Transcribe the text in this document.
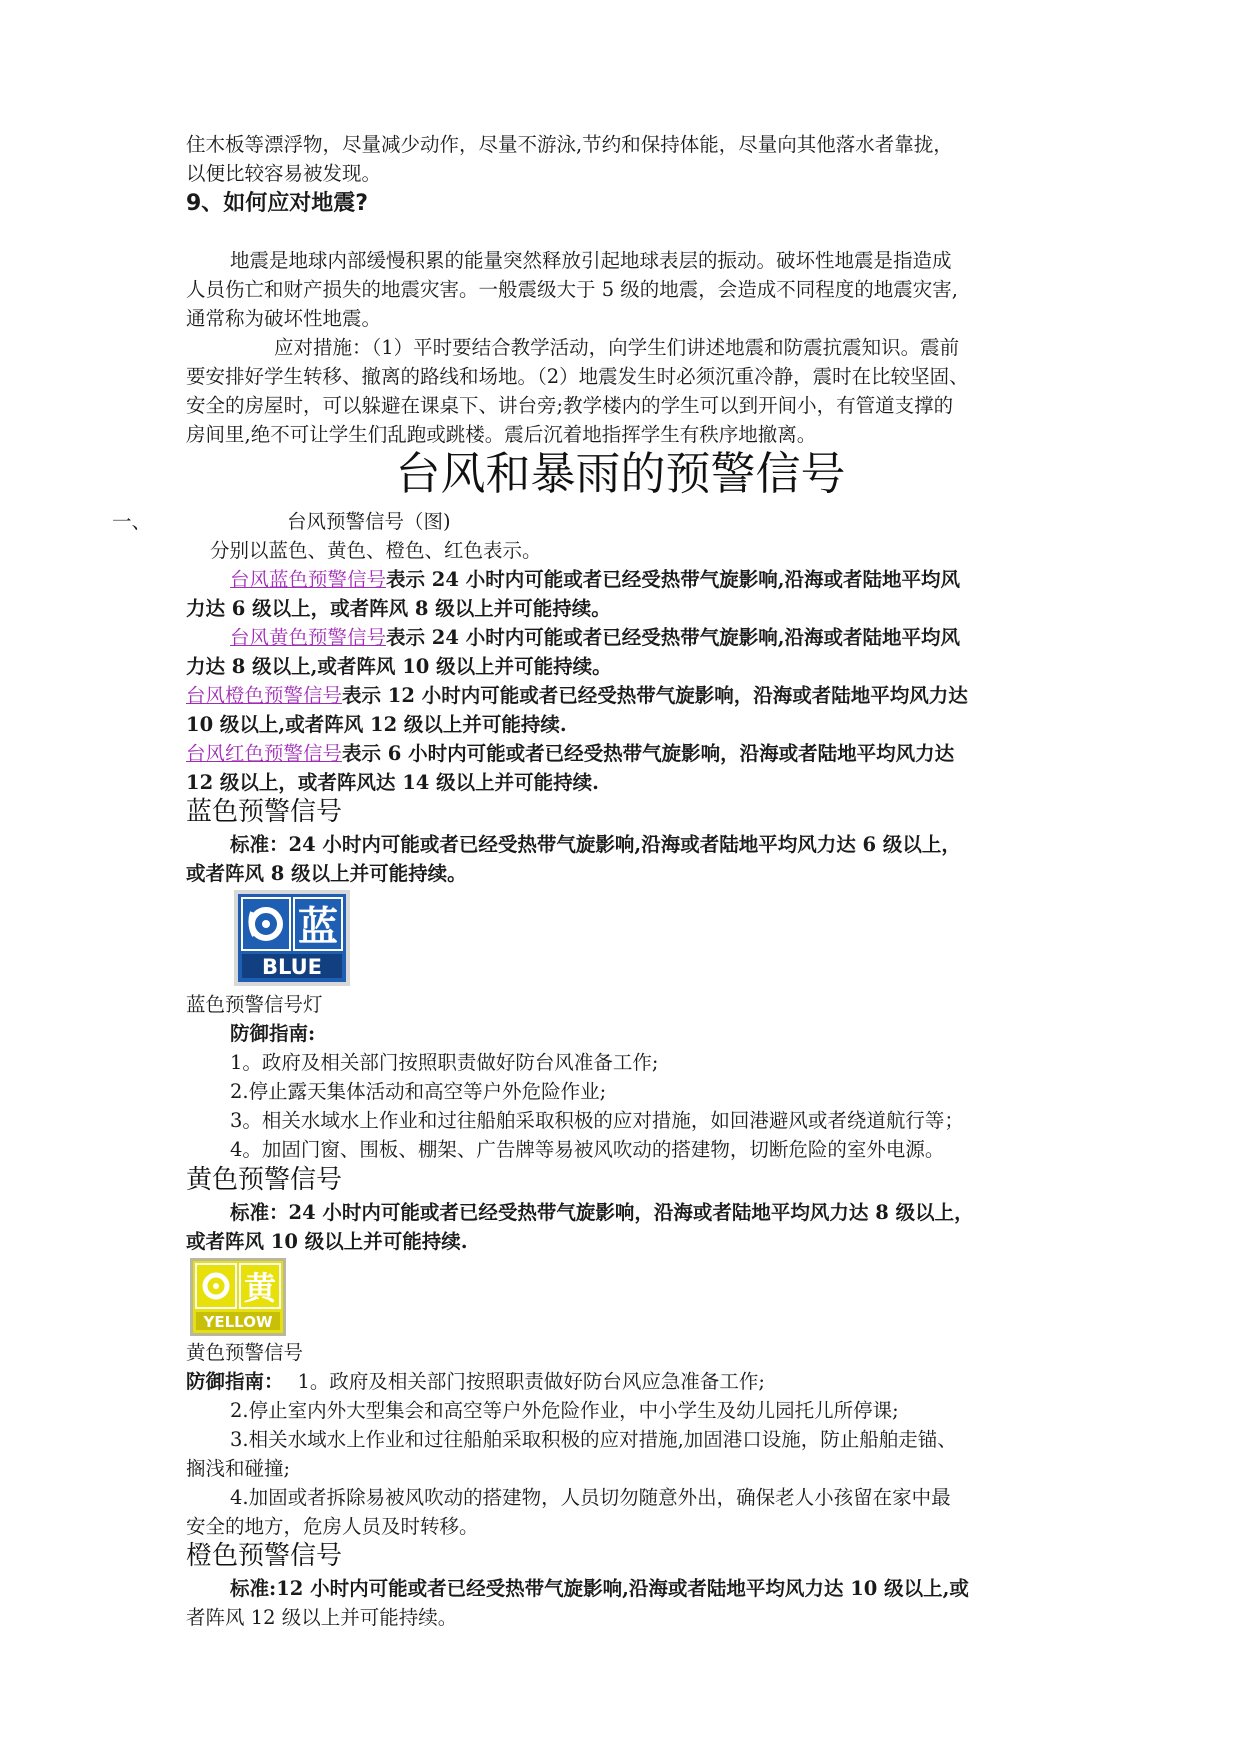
住木板等漂浮物，尽量减少动作，尽量不游泳,节约和保持体能，尽量向其他落水者靠拢，
以便比较容易被发现。
9、如何应对地震?
地震是地球内部缓慢积累的能量突然释放引起地球表层的振动。破坏性地震是指造成
人员伤亡和财产损失的地震灾害。一般震级大于 5 级的地震，会造成不同程度的地震灾害,
通常称为破坏性地震。
应对措施：（1）平时要结合教学活动，向学生们讲述地震和防震抗震知识。震前
要安排好学生转移、撤离的路线和场地。（2）地震发生时必须沉重冷静，震时在比较坚固、
安全的房屋时，可以躲避在课桌下、讲台旁;教学楼内的学生可以到开间小，有管道支撑的
房间里,绝不可让学生们乱跑或跳楼。震后沉着地指挥学生有秩序地撤离。
台风和暴雨的预警信号
一、	台风预警信号（图)
分别以蓝色、黄色、橙色、红色表示。
台风蓝色预警信号表示 24 小时内可能或者已经受热带气旋影响,沿海或者陆地平均风
力达 6 级以上，或者阵风 8 级以上并可能持续。
台风黄色预警信号表示 24 小时内可能或者已经受热带气旋影响,沿海或者陆地平均风
力达 8 级以上,或者阵风 10 级以上并可能持续。
台风橙色预警信号表示 12 小时内可能或者已经受热带气旋影响，沿海或者陆地平均风力达
10 级以上,或者阵风 12 级以上并可能持续.
台风红色预警信号表示 6 小时内可能或者已经受热带气旋影响，沿海或者陆地平均风力达
12 级以上，或者阵风达 14 级以上并可能持续.
蓝色预警信号
标准：24 小时内可能或者已经受热带气旋影响,沿海或者陆地平均风力达 6 级以上，
或者阵风 8 级以上并可能持续。
蓝
BLUE
蓝色预警信号灯
防御指南:
1。政府及相关部门按照职责做好防台风准备工作;
2.停止露天集体活动和高空等户外危险作业;
3。相关水域水上作业和过往船舶采取积极的应对措施，如回港避风或者绕道航行等；
4。加固门窗、围板、棚架、广告牌等易被风吹动的搭建物，切断危险的室外电源。
黄色预警信号
标准：24 小时内可能或者已经受热带气旋影响，沿海或者陆地平均风力达 8 级以上，
或者阵风 10 级以上并可能持续.
黄
YELLOW
黄色预警信号
防御指南： 1。政府及相关部门按照职责做好防台风应急准备工作;
2.停止室内外大型集会和高空等户外危险作业，中小学生及幼儿园托儿所停课;
3.相关水域水上作业和过往船舶采取积极的应对措施,加固港口设施，防止船舶走锚、
搁浅和碰撞;
4.加固或者拆除易被风吹动的搭建物，人员切勿随意外出，确保老人小孩留在家中最
安全的地方，危房人员及时转移。
橙色预警信号
标准:12 小时内可能或者已经受热带气旋影响,沿海或者陆地平均风力达 10 级以上,或
者阵风 12 级以上并可能持续。
